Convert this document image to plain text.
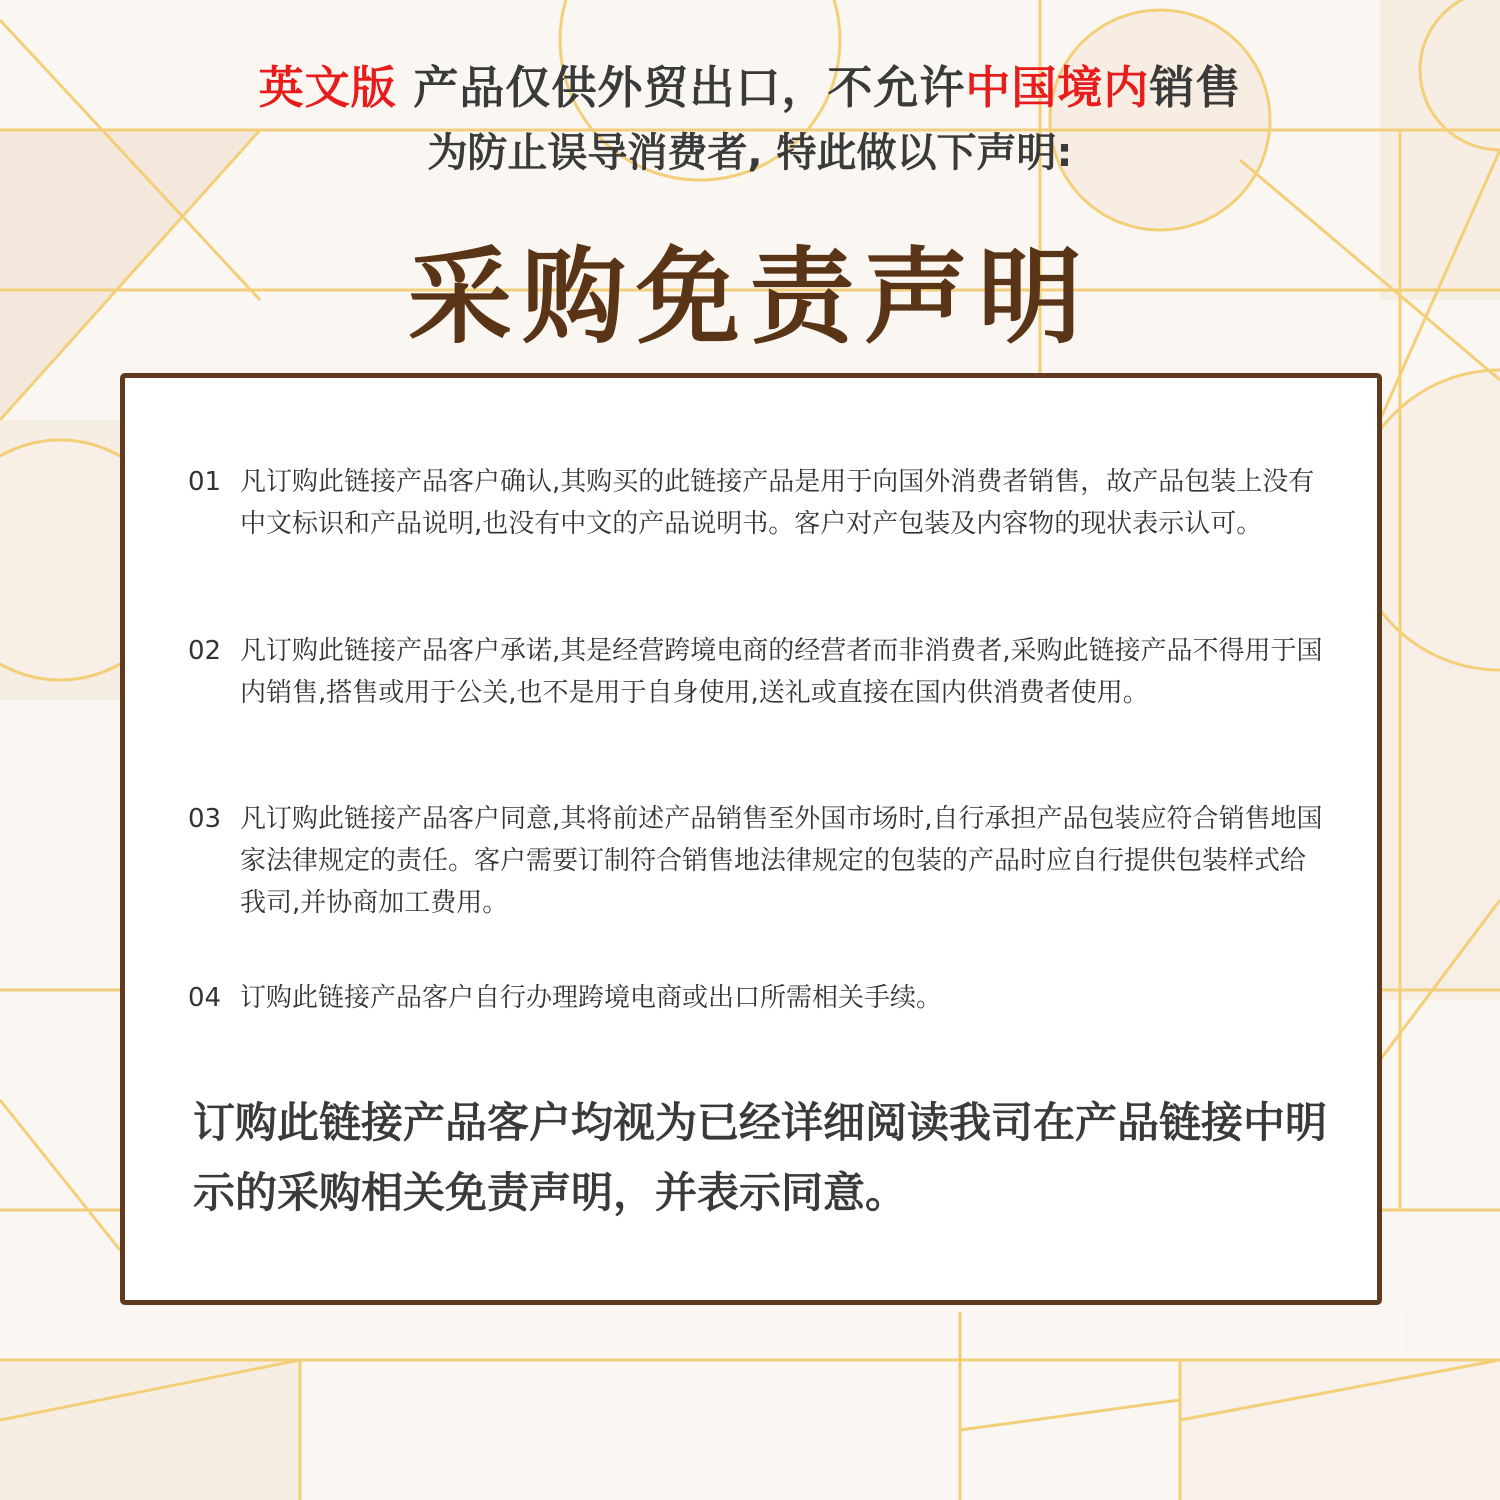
英文版 产品仅供外贸出口，不允许中国境内销售
为防止误导消费者, 特此做以下声明:
采购免责声明
01 凡订购此链接产品客户确认,其购买的此链接产品是用于向国外消费者销售，故产品包装上没有中文标识和产品说明,也没有中文的产品说明书。客户对产包装及内容物的现状表示认可。
02 凡订购此链接产品客户承诺,其是经营跨境电商的经营者而非消费者,采购此链接产品不得用于国内销售,搭售或用于公关,也不是用于自身使用,送礼或直接在国内供消费者使用。
03 凡订购此链接产品客户同意,其将前述产品销售至外国市场时,自行承担产品包装应符合销售地国家法律规定的责任。客户需要订制符合销售地法律规定的包装的产品时应自行提供包装样式给我司,并协商加工费用。
04 订购此链接产品客户自行办理跨境电商或出口所需相关手续。
订购此链接产品客户均视为已经详细阅读我司在产品链接中明示的采购相关免责声明，并表示同意。
